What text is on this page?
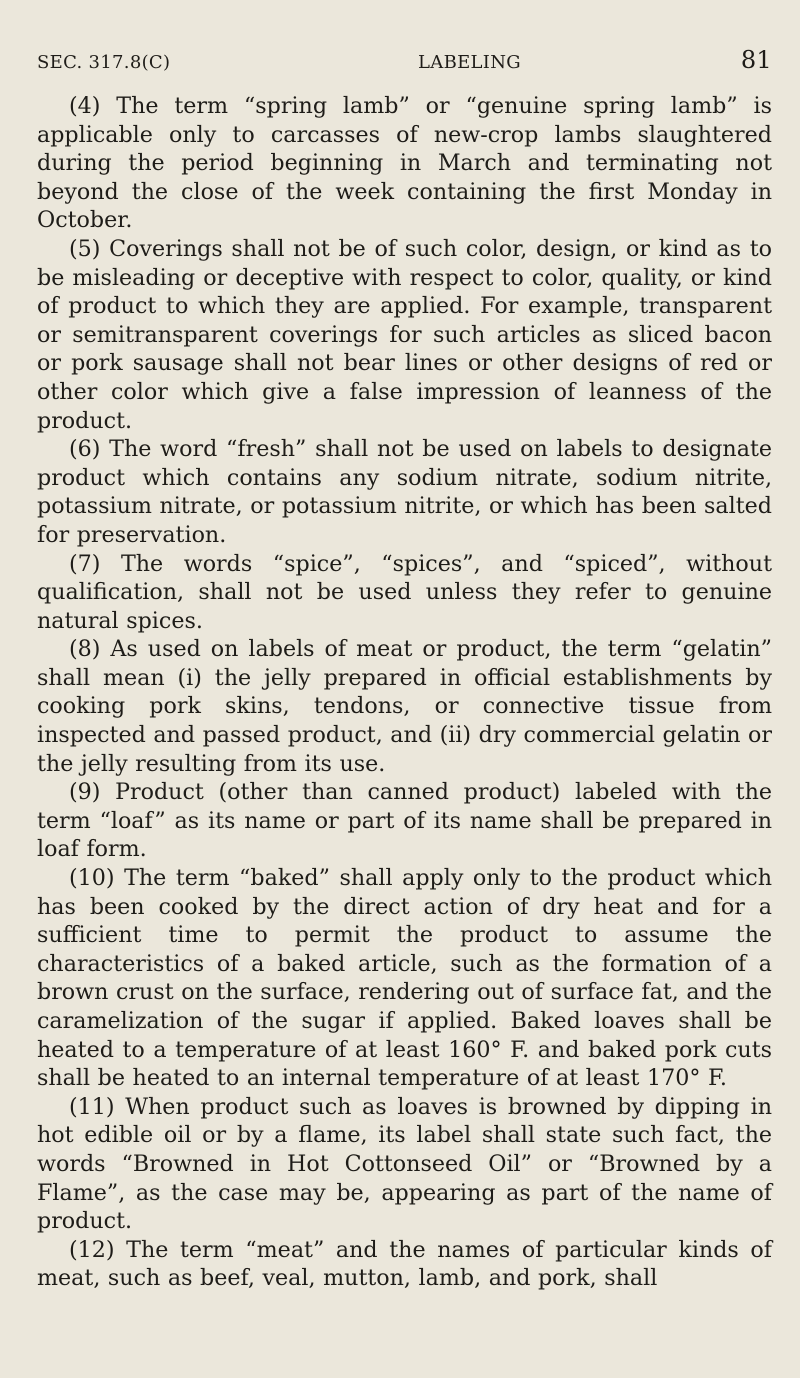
SEC. 317.8(C)	LABELING	81

(4) The term “spring lamb” or “genuine spring lamb” is applicable only to carcasses of new-crop lambs slaughtered during the period beginning in March and terminating not beyond the close of the week containing the first Monday in October.

(5) Coverings shall not be of such color, design, or kind as to be misleading or deceptive with respect to color, quality, or kind of product to which they are applied. For example, transparent or semitransparent coverings for such articles as sliced bacon or pork sausage shall not bear lines or other designs of red or other color which give a false impression of leanness of the product.

(6) The word “fresh” shall not be used on labels to designate product which contains any sodium nitrate, sodium nitrite, potassium nitrate, or potassium nitrite, or which has been salted for preservation.

(7) The words “spice”, “spices”, and “spiced”, without qualification, shall not be used unless they refer to genuine natural spices.

(8) As used on labels of meat or product, the term “gelatin” shall mean (i) the jelly prepared in official establishments by cooking pork skins, tendons, or connective tissue from inspected and passed product, and (ii) dry commercial gelatin or the jelly resulting from its use.

(9) Product (other than canned product) labeled with the term “loaf” as its name or part of its name shall be prepared in loaf form.

(10) The term “baked” shall apply only to the product which has been cooked by the direct action of dry heat and for a sufficient time to permit the product to assume the characteristics of a baked article, such as the formation of a brown crust on the surface, rendering out of surface fat, and the caramelization of the sugar if applied. Baked loaves shall be heated to a temperature of at least 160° F. and baked pork cuts shall be heated to an internal temperature of at least 170° F.

(11) When product such as loaves is browned by dipping in hot edible oil or by a flame, its label shall state such fact, the words “Browned in Hot Cottonseed Oil” or “Browned by a Flame”, as the case may be, appearing as part of the name of product.

(12) The term “meat” and the names of particular kinds of meat, such as beef, veal, mutton, lamb, and pork, shall
